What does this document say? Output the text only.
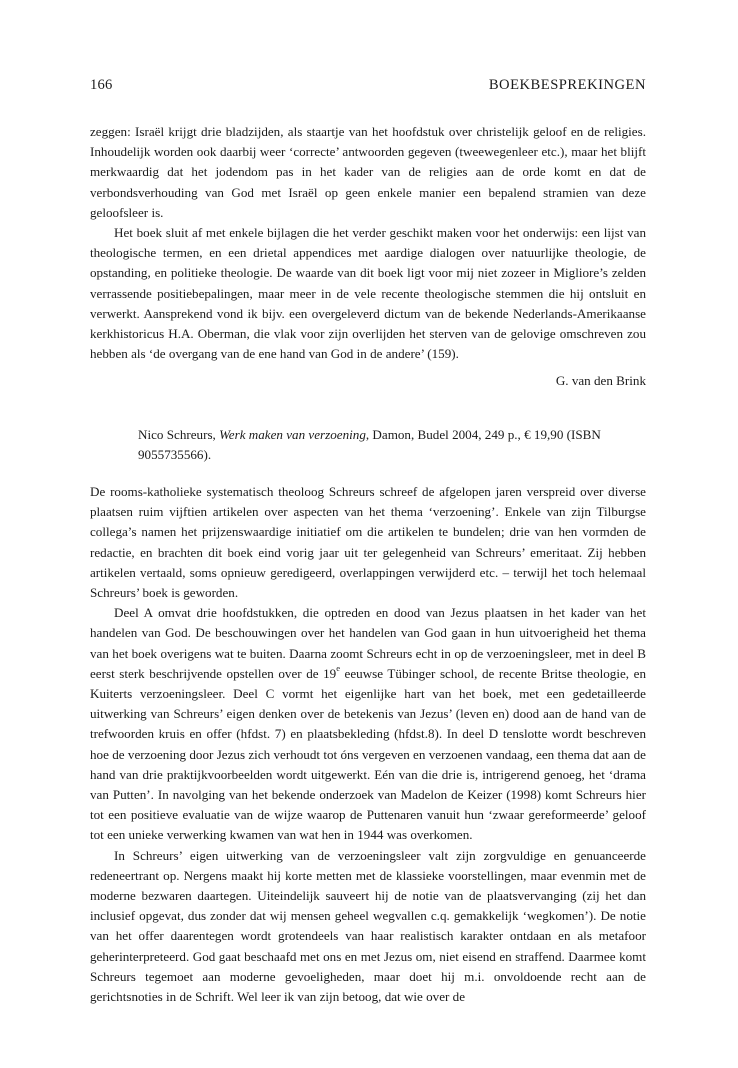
166	BOEKBESPREKINGEN

zeggen: Israël krijgt drie bladzijden, als staartje van het hoofdstuk over christelijk geloof en de religies. Inhoudelijk worden ook daarbij weer ‘correcte’ antwoorden gegeven (tweewegenleer etc.), maar het blijft merkwaardig dat het jodendom pas in het kader van de religies aan de orde komt en dat de verbondsverhouding van God met Israël op geen enkele manier een bepalend stramien van deze geloofsleer is.

Het boek sluit af met enkele bijlagen die het verder geschikt maken voor het onderwijs: een lijst van theologische termen, en een drietal appendices met aardige dialogen over natuurlijke theologie, de opstanding, en politieke theologie. De waarde van dit boek ligt voor mij niet zozeer in Migliore’s zelden verrassende positiebepalingen, maar meer in de vele recente theologische stemmen die hij ontsluit en verwerkt. Aansprekend vond ik bijv. een overgeleverd dictum van de bekende Nederlands-Amerikaanse kerkhistoricus H.A. Oberman, die vlak voor zijn overlijden het sterven van de gelovige omschreven zou hebben als ‘de overgang van de ene hand van God in de andere’ (159).

G. van den Brink
Nico Schreurs, Werk maken van verzoening, Damon, Budel 2004, 249 p., € 19,90 (ISBN 9055735566).

De rooms-katholieke systematisch theoloog Schreurs schreef de afgelopen jaren verspreid over diverse plaatsen ruim vijftien artikelen over aspecten van het thema ‘verzoening’. Enkele van zijn Tilburgse collega’s namen het prijzenswaardige initiatief om die artikelen te bundelen; drie van hen vormden de redactie, en brachten dit boek eind vorig jaar uit ter gelegenheid van Schreurs’ emeritaat. Zij hebben artikelen vertaald, soms opnieuw geredigeerd, overlappingen verwijderd etc. – terwijl het toch helemaal Schreurs’ boek is geworden.

Deel A omvat drie hoofdstukken, die optreden en dood van Jezus plaatsen in het kader van het handelen van God. De beschouwingen over het handelen van God gaan in hun uitvoerigheid het thema van het boek overigens wat te buiten. Daarna zoomt Schreurs echt in op de verzoeningsleer, met in deel B eerst sterk beschrijvende opstellen over de 19e eeuwse Tübinger school, de recente Britse theologie, en Kuiterts verzoeningsleer. Deel C vormt het eigenlijke hart van het boek, met een gedetailleerde uitwerking van Schreurs’ eigen denken over de betekenis van Jezus’ (leven en) dood aan de hand van de trefwoorden kruis en offer (hfdst. 7) en plaatsbekleding (hfdst.8). In deel D tenslotte wordt beschreven hoe de verzoening door Jezus zich verhoudt tot óns vergeven en verzoenen vandaag, een thema dat aan de hand van drie praktijkvoorbeelden wordt uitgewerkt. Eén van die drie is, intrigerend genoeg, het ‘drama van Putten’. In navolging van het bekende onderzoek van Madelon de Keizer (1998) komt Schreurs hier tot een positieve evaluatie van de wijze waarop de Puttenaren vanuit hun ‘zwaar gereformeerde’ geloof tot een unieke verwerking kwamen van wat hen in 1944 was overkomen.

In Schreurs’ eigen uitwerking van de verzoeningsleer valt zijn zorgvuldige en genuanceerde redeneertrant op. Nergens maakt hij korte metten met de klassieke voorstellingen, maar evenmin met de moderne bezwaren daartegen. Uiteindelijk sauveert hij de notie van de plaatsvervanging (zij het dan inclusief opgevat, dus zonder dat wij mensen geheel wegvallen c.q. gemakkelijk ‘wegkomen’). De notie van het offer daarentegen wordt grotendeels van haar realistisch karakter ontdaan en als metafoor geherinterpreteerd. God gaat beschaafd met ons en met Jezus om, niet eisend en straffend. Daarmee komt Schreurs tegemoet aan moderne gevoeligheden, maar doet hij m.i. onvoldoende recht aan de gerichtsnoties in de Schrift. Wel leer ik van zijn betoog, dat wie over de
